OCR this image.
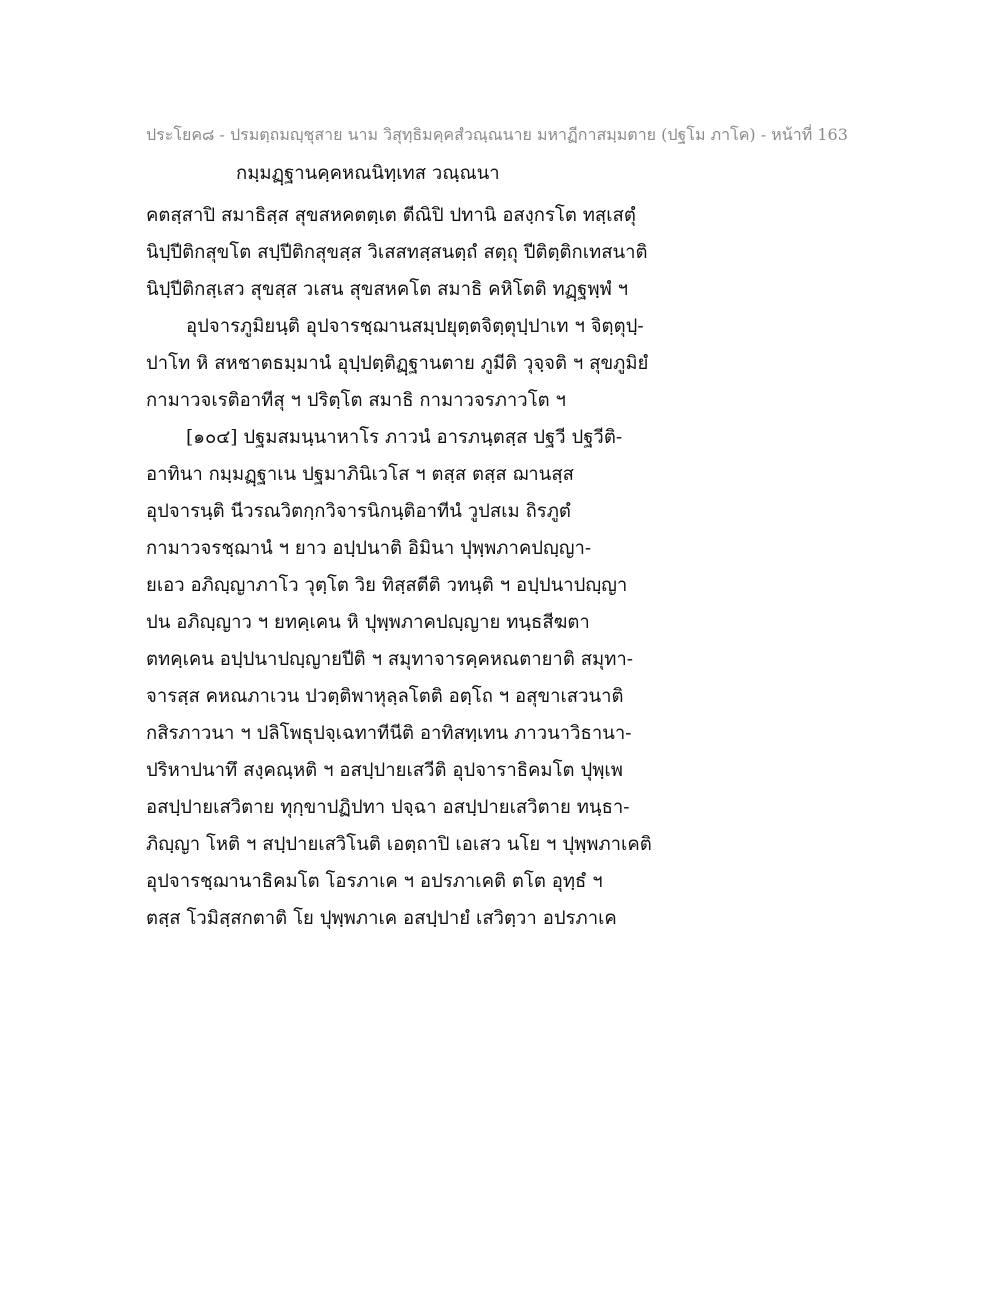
ประโยค๘ - ปรมตฺถมญฺชุสาย นาม วิสุทฺธิมคฺคสํวณฺณนาย มหาฏีกาสมฺมตาย (ปฐโม ภาโค) - หน้าที่ 163
กมฺมฏฺฐานคฺคหณนิทฺเทส วณฺณนา
คตสฺสาปิ สมาธิสฺส สุขสหคตตฺเต ตีณิปิ ปทานิ อสงฺกรโต ทสฺเสตุํ
นิปฺปีติกสุขโต สปฺปีติกสุขสฺส วิเสสทสฺสนตฺถํ สตฺถุ ปีติตฺติกเทสนาติ
นิปฺปีติกสฺเสว สุขสฺส วเสน สุขสหคโต สมาธิ คหิโตติ ทฏฺฐพฺพํ ฯ
อุปจารภูมิยนฺติ อุปจารชฺฌานสมฺปยุตฺตจิตฺตุปฺปาเท ฯ จิตฺตุปฺ-
ปาโท หิ สหชาตธมฺมานํ อุปฺปตฺติฏฺฐานตาย ภูมีติ วุจฺจติ ฯ สุขภูมิยํ
กามาวจเรติอาทีสุ ฯ ปริตฺโต สมาธิ กามาวจรภาวโต ฯ
[๑๐๔] ปฐมสมนฺนาหาโร ภาวนํ อารภนฺตสฺส ปฐวี ปฐวีติ-
อาทินา กมฺมฏฺฐาเน ปฐมาภินิเวโส ฯ ตสฺส ตสฺส ฌานสฺส
อุปจารนฺติ นีวรณวิตกฺกวิจารนิกนฺติอาทีนํ วูปสเม ถิรภูตํ
กามาวจรชฺฌานํ ฯ ยาว อปฺปนาติ อิมินา ปุพฺพภาคปญฺญา-
ยเอว อภิญฺญาภาโว วุตฺโต วิย ทิสฺสตีติ วทนฺติ ฯ อปฺปนาปญฺญา
ปน อภิญฺญาว ฯ ยทคฺเคน หิ ปุพฺพภาคปญฺญาย ทนฺธสีฆตา
ตทคฺเคน อปฺปนาปญฺญายปีติ ฯ สมุทาจารคฺคหณตายาติ สมุทา-
จารสฺส คหณภาเวน ปวตฺติพาหุลฺลโตติ อตฺโถ ฯ อสุขาเสวนาติ
กสิรภาวนา ฯ ปลิโพธุปจฺเฉทาทีนีติ อาทิสทฺเทน ภาวนาวิธานา-
ปริหาปนาทึ สงฺคณฺหติ ฯ อสปฺปายเสวีติ อุปจาราธิคมโต ปุพฺเพ
อสปฺปายเสวิตาย ทุกฺขาปฏิปทา ปจฺฉา อสปฺปายเสวิตาย ทนฺธา-
ภิญฺญา โหติ ฯ สปฺปายเสวิโนติ เอตฺถาปิ เอเสว นโย ฯ ปุพฺพภาเคติ
อุปจารชฺฌานาธิคมโต โอรภาเค ฯ อปรภาเคติ ตโต อุทฺธํ ฯ
ตสฺส โวมิสฺสกตาติ โย ปุพฺพภาเค อสปฺปายํ เสวิตฺวา อปรภาเค
